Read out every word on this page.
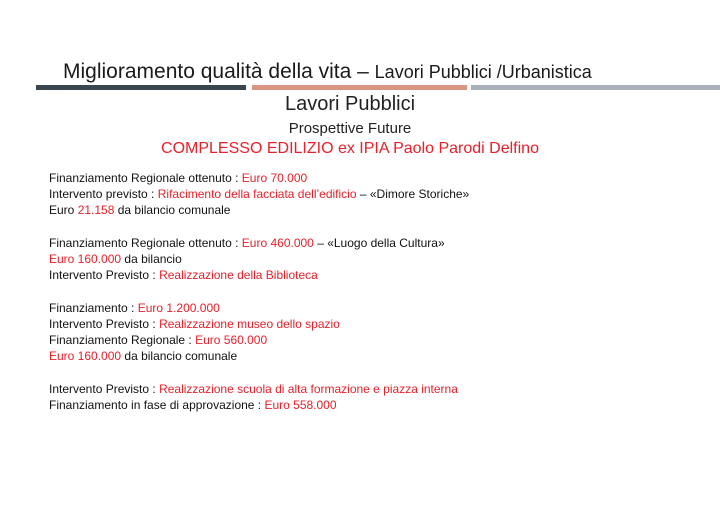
Miglioramento qualità della vita – Lavori Pubblici /Urbanistica
Lavori Pubblici
Prospettive Future
COMPLESSO EDILIZIO ex IPIA Paolo Parodi Delfino
Finanziamento Regionale ottenuto : Euro 70.000
Intervento previsto : Rifacimento della facciata dell’edificio – «Dimore Storiche»
Euro 21.158 da bilancio comunale
Finanziamento Regionale ottenuto : Euro 460.000 – «Luogo della Cultura»
Euro 160.000 da bilancio
Intervento Previsto : Realizzazione della Biblioteca
Finanziamento : Euro 1.200.000
Intervento Previsto : Realizzazione museo dello spazio
Finanziamento Regionale : Euro 560.000
Euro 160.000 da bilancio comunale
Intervento Previsto : Realizzazione scuola di alta formazione e piazza interna
Finanziamento in fase di approvazione : Euro 558.000
